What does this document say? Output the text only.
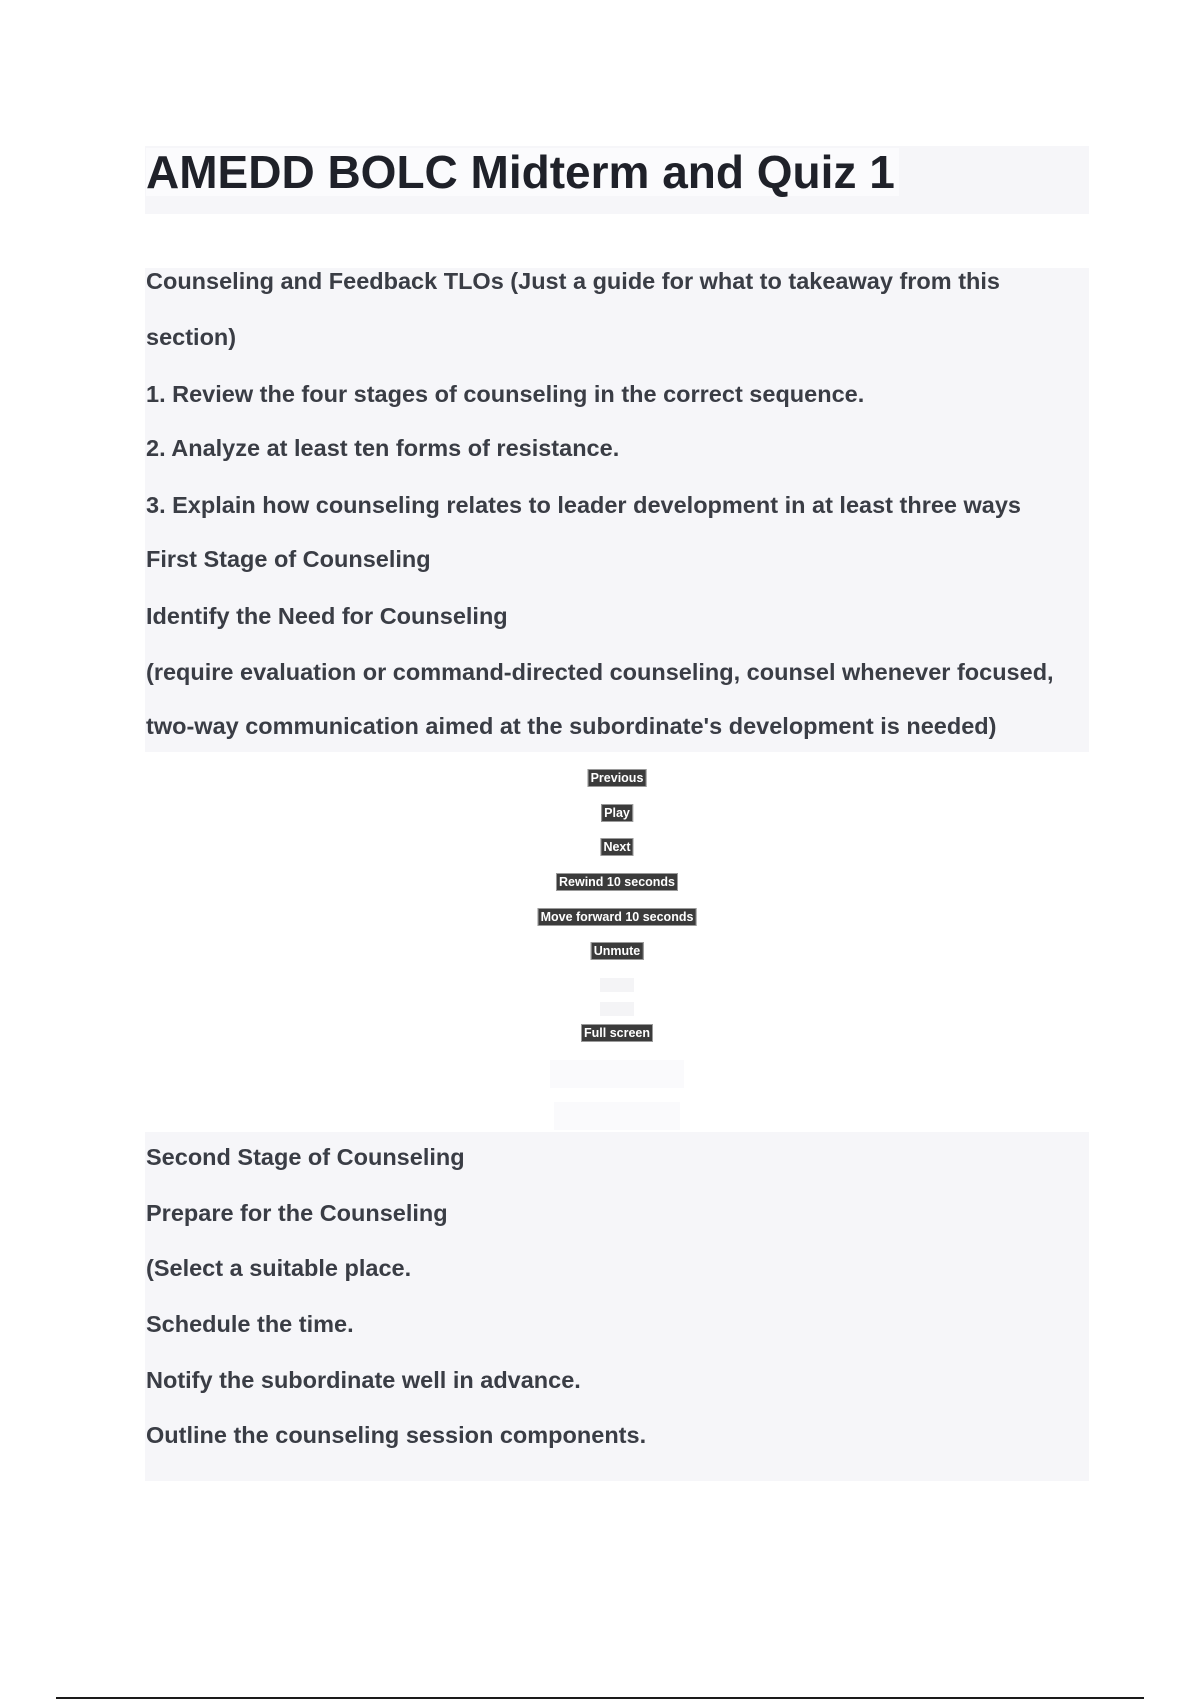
AMEDD BOLC Midterm and Quiz 1

Counseling and Feedback TLOs (Just a guide for what to takeaway from this

section)

1. Review the four stages of counseling in the correct sequence.

2. Analyze at least ten forms of resistance.

3. Explain how counseling relates to leader development in at least three ways

First Stage of Counseling

Identify the Need for Counseling

(require evaluation or command-directed counseling, counsel whenever focused,

two-way communication aimed at the subordinate's development is needed)

Previous
Play
Next
Rewind 10 seconds
Move forward 10 seconds
Unmute
Full screen

Second Stage of Counseling

Prepare for the Counseling

(Select a suitable place.

Schedule the time.

Notify the subordinate well in advance.

Outline the counseling session components.
